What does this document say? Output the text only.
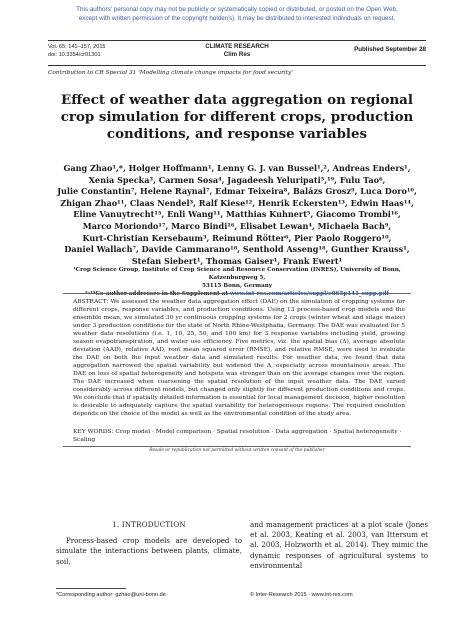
This authors' personal copy may not be publicly or systematically copied or distributed, or posted on the Open Web,
except with written permission of the copyright holder(s). It may be distributed to interested individuals on request.
Vol. 65: 141–157, 2015
doi: 10.3354/cr01301
CLIMATE RESEARCH
Clim Res
Published September 28
Contribution to CR Special 31 'Modelling climate change impacts for food security'
Effect of weather data aggregation on regional
crop simulation for different crops, production
conditions, and response variables
Gang Zhao¹,*, Holger Hoffmann¹, Lenny G. J. van Bussel¹,², Andreas Enders¹,
Xenia Specka³, Carmen Sosa⁴, Jagadeesh Yeluripati⁵,¹⁹, Fulu Tao⁶,
Julie Constantin⁷, Helene Raynal⁷, Edmar Teixeira⁸, Balázs Grosz⁹, Luca Doro¹⁰,
Zhigan Zhao¹¹, Claas Nendel³, Ralf Kiese¹², Henrik Eckersten¹³, Edwin Haas¹⁴,
Eline Vanuytrecht¹⁵, Enli Wang¹¹, Matthias Kuhnert⁵, Giacomo Trombi¹⁶,
Marco Moriondo¹⁷, Marco Bindi¹⁶, Elisabet Lewan⁴, Michaela Bach⁹,
Kurt-Christian Kersebaum³, Reimund Rötter⁶, Pier Paolo Roggero¹⁰,
Daniel Wallach⁷, Davide Cammarano¹⁸, Senthold Asseng¹⁸, Gunther Krauss¹,
Stefan Siebert¹, Thomas Gaiser¹, Frank Ewert¹
¹Crop Science Group, Institute of Crop Science and Resource Conservation (INRES), University of Bonn, Katzenburgweg 5,
53115 Bonn, Germany
²⁻¹⁹Co-author addresses in the Supplement at www.int-res.com/articles/suppl/c065p141_supp.pdf
ABSTRACT: We assessed the weather data aggregation effect (DAE) on the simulation of cropping systems for different crops, response variables, and production conditions. Using 13 process-based crop models and the ensemble mean, we simulated 30 yr continuous cropping systems for 2 crops (winter wheat and silage maize) under 3 production conditions for the state of North Rhine-Westphalia, Germany. The DAE was evaluated for 5 weather data resolutions (i.e. 1, 10, 25, 50, and 100 km) for 3 response variables including yield, growing season evapotranspiration, and water use efficiency. Five metrics, viz. the spatial bias (Δ), average absolute deviation (AAD), relative AAD, root mean squared error (RMSE), and relative RMSE, were used to evaluate the DAE on both the input weather data and simulated results. For weather data, we found that data aggregation narrowed the spatial variability but widened the Δ, especially across mountainous areas. The DAE on loss of spatial heterogeneity and hotspots was stronger than on the average changes over the region. The DAE increased when coarsening the spatial resolution of the input weather data. The DAE varied considerably across different models, but changed only slightly for different production conditions and crops. We conclude that if spatially detailed information is essential for local management decision, higher resolution is desirable to adequately capture the spatial variability for heterogeneous regions. The required resolution depends on the choice of the model as well as the environmental condition of the study area.
KEY WORDS: Crop model · Model comparison · Spatial resolution · Data aggregation · Spatial heterogeneity · Scaling
Resale or republication not permitted without written consent of the publisher
1. INTRODUCTION
Process-based crop models are developed to simulate the interactions between plants, climate, soil,
and management practices at a plot scale (Jones et al. 2003, Keating et al. 2003, van Ittersum et al. 2003, Holzworth et al. 2014). They mimic the dynamic responses of agricultural systems to environmental
*Corresponding author: gzhao@uni-bonn.de	© Inter-Research 2015 · www.int-res.com
